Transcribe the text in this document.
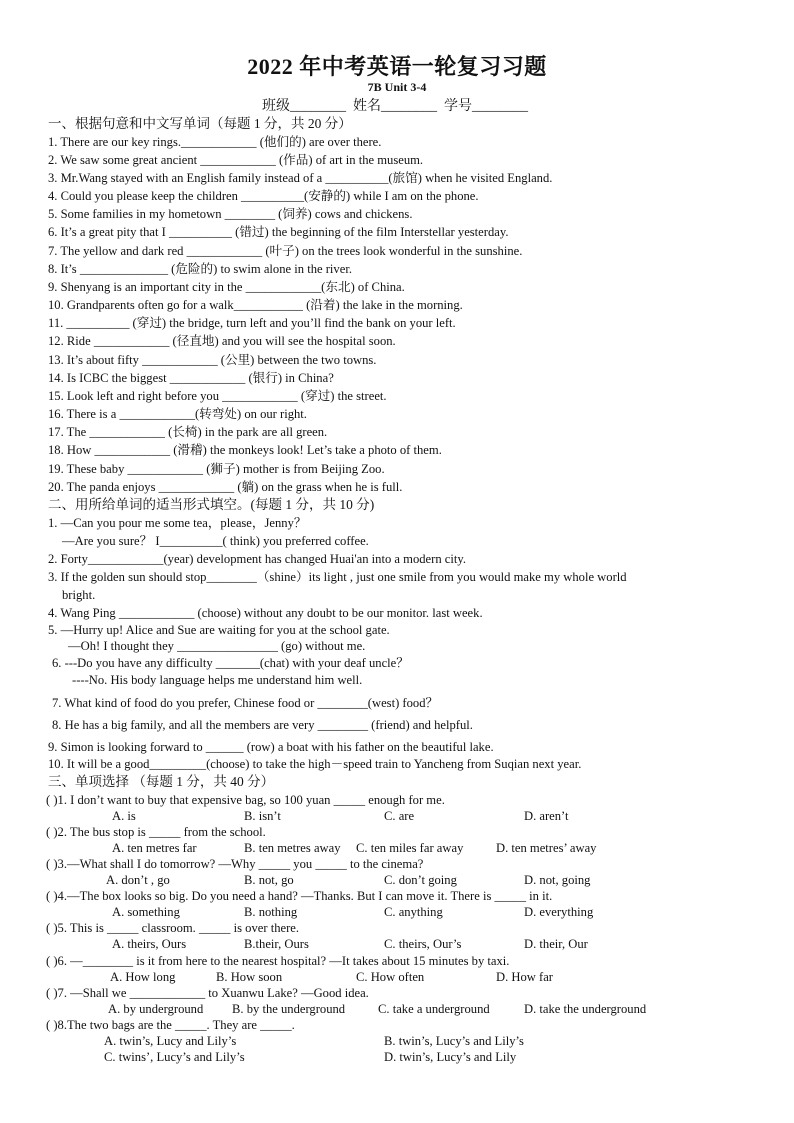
2022 年中考英语一轮复习习题
7B Unit 3-4
班级________  姓名________  学号________
一、根据句意和中文写单词（每题 1 分，共 20 分）
1. There are our key rings.____________ (他们的) are over there.
2. We saw some great ancient ____________ (作品) of art in the museum.
3. Mr.Wang stayed with an English family instead of a __________(旅馆) when he visited England.
4. Could you please keep the children __________(安静的) while I am on the phone.
5. Some families in my hometown ________ (饲养) cows and chickens.
6. It’s a great pity that I __________ (错过) the beginning of the film Interstellar yesterday.
7. The yellow and dark red ____________ (叶子) on the trees look wonderful in the sunshine.
8. It’s ______________ (危险的) to swim alone in the river.
9. Shenyang is an important city in the ____________(东北) of China.
10. Grandparents often go for a walk___________ (沿着) the lake in the morning.
11. __________ (穿过) the bridge, turn left and you’ll find the bank on your left.
12. Ride ____________ (径直地) and you will see the hospital soon.
13. It’s about fifty ____________ (公里) between the two towns.
14. Is ICBC the biggest ____________ (银行) in China?
15. Look left and right before you ____________ (穿过) the street.
16. There is a ____________(转弯处) on our right.
17. The ____________ (长椅) in the park are all green.
18. How ____________ (滑稽) the monkeys look! Let’s take a photo of them.
19. These baby ____________ (狮子) mother is from Beijing Zoo.
20. The panda enjoys ____________ (躺) on the grass when he is full.
二、用所给单词的适当形式填空。(每题 1 分，共 10 分)
1. —Can you pour me some tea，please，Jenny？
—Are you sure？ I__________( think) you preferred coffee.
2. Forty____________(year) development has changed Huai'an into a modern city.
3. If the golden sun should stop________（shine）its light , just one smile from you would make my whole world
bright.
4. Wang Ping ____________ (choose) without any doubt to be our monitor. last week.
5. —Hurry up! Alice and Sue are waiting for you at the school gate.
—Oh! I thought they ________________ (go) without me.
6. ---Do you have any difficulty _______(chat) with your deaf uncle？
----No. His body language helps me understand him well.
7. What kind of food do you prefer, Chinese food or ________(west) food？
8. He has a big family, and all the members are very ________ (friend) and helpful.
9. Simon is looking forward to ______ (row) a boat with his father on the beautiful lake.
10. It will be a good_________(choose) to take the high－speed train to Yancheng from Suqian next year.
三、单项选择 （每题 1 分，共 40 分）
( )1. I don’t want to buy that expensive bag, so 100 yuan _____ enough for me.
A. is	B. isn’t	C. are	D. aren’t
( )2. The bus stop is _____ from the school.
A. ten metres far	B. ten metres away C. ten miles far away	D. ten metres’ away
( )3.—What shall I do tomorrow? —Why _____ you _____ to the cinema?
A. don’t , go	B. not, go	C. don’t going	D. not, going
( )4.—The box looks so big. Do you need a hand? —Thanks. But I can move it. There is _____ in it.
A. something	B. nothing	C. anything	D. everything
( )5. This is _____ classroom. _____ is over there.
A. theirs, Ours	B.their, Ours	C. theirs, Our’s	D. their, Our
( )6. —________ is it from here to the nearest hospital? —It takes about 15 minutes by taxi.
A. How long	B. How soon	C. How often	D. How far
( )7. —Shall we ____________ to Xuanwu Lake? —Good idea.
A. by underground B. by the underground	C. take a underground	D. take the underground
( )8.The two bags are the _____. They are _____.
A. twin’s, Lucy and Lily’s	B. twin’s, Lucy’s and Lily’s
C. twins’, Lucy’s and Lily’s	D. twin’s, Lucy’s and Lily
